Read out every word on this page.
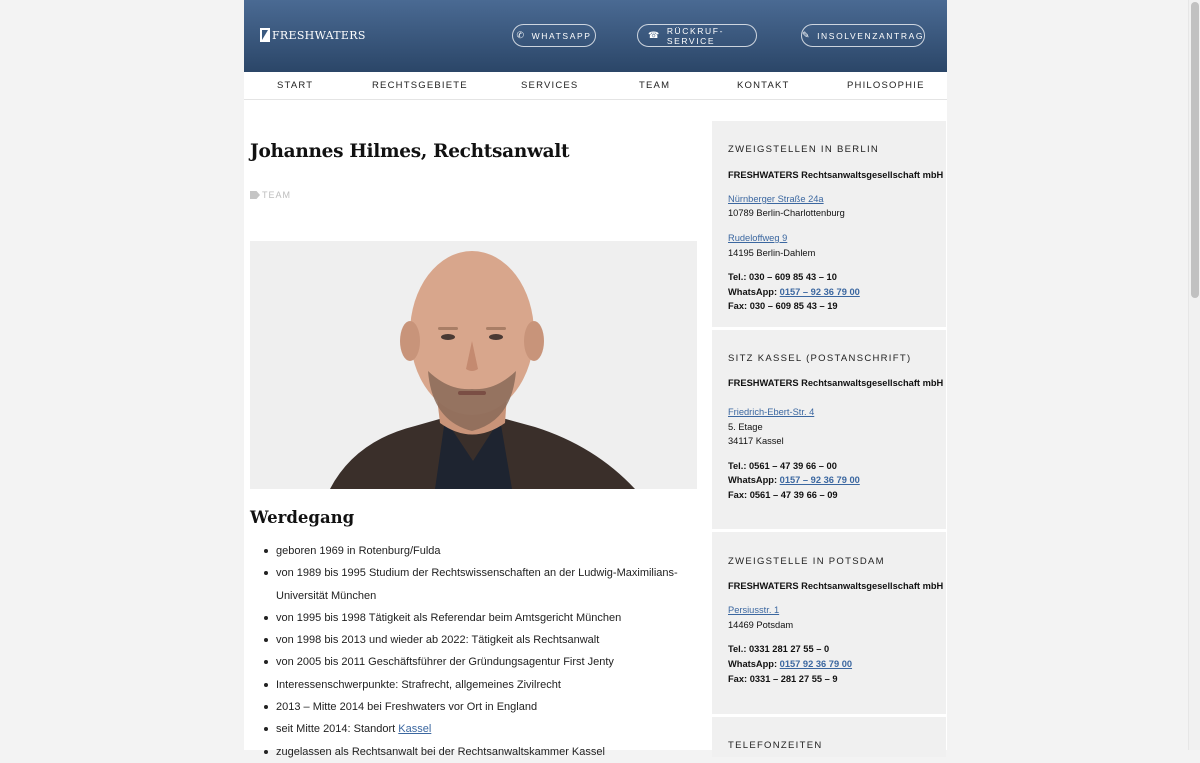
FRESHWATERS	✆ WHATSAPP	☎ RÜCKRUF-SERVICE
✎ INSOLVENZANTRAG
START	RECHTSGEBIETE	SERVICES	TEAM	KONTAKT	PHILOSOPHIE
Johannes Hilmes, Rechtsanwalt
TEAM
Werdegang
geboren 1969 in Rotenburg/Fulda
von 1989 bis 1995 Studium der Rechtswissenschaften an der Ludwig-Maximilians-Universität München
von 1995 bis 1998 Tätigkeit als Referendar beim Amtsgericht München
von 1998 bis 2013 und wieder ab 2022: Tätigkeit als Rechtsanwalt
von 2005 bis 2011 Geschäftsführer der Gründungsagentur First Jenty
Interessenschwerpunkte: Strafrecht, allgemeines Zivilrecht
2013 – Mitte 2014 bei Freshwaters vor Ort in England
seit Mitte 2014: Standort Kassel
zugelassen als Rechtsanwalt bei der Rechtsanwaltskammer Kassel
ZWEIGSTELLEN IN BERLIN
FRESHWATERS Rechtsanwaltsgesellschaft mbH
Nürnberger Straße 24a
10789 Berlin-Charlottenburg
Rudeloffweg 9
14195 Berlin-Dahlem
Tel.: 030 – 609 85 43 – 10
WhatsApp: 0157 – 92 36 79 00
Fax: 030 – 609 85 43 – 19
SITZ KASSEL (POSTANSCHRIFT)
FRESHWATERS Rechtsanwaltsgesellschaft mbH
Friedrich-Ebert-Str. 4
5. Etage
34117 Kassel
Tel.: 0561 – 47 39 66 – 00
WhatsApp: 0157 – 92 36 79 00
Fax: 0561 – 47 39 66 – 09
ZWEIGSTELLE IN POTSDAM
FRESHWATERS Rechtsanwaltsgesellschaft mbH
Persiusstr. 1
14469 Potsdam
Tel.: 0331 281 27 55 – 0
WhatsApp: 0157 92 36 79 00
Fax: 0331 – 281 27 55 – 9
TELEFONZEITEN
